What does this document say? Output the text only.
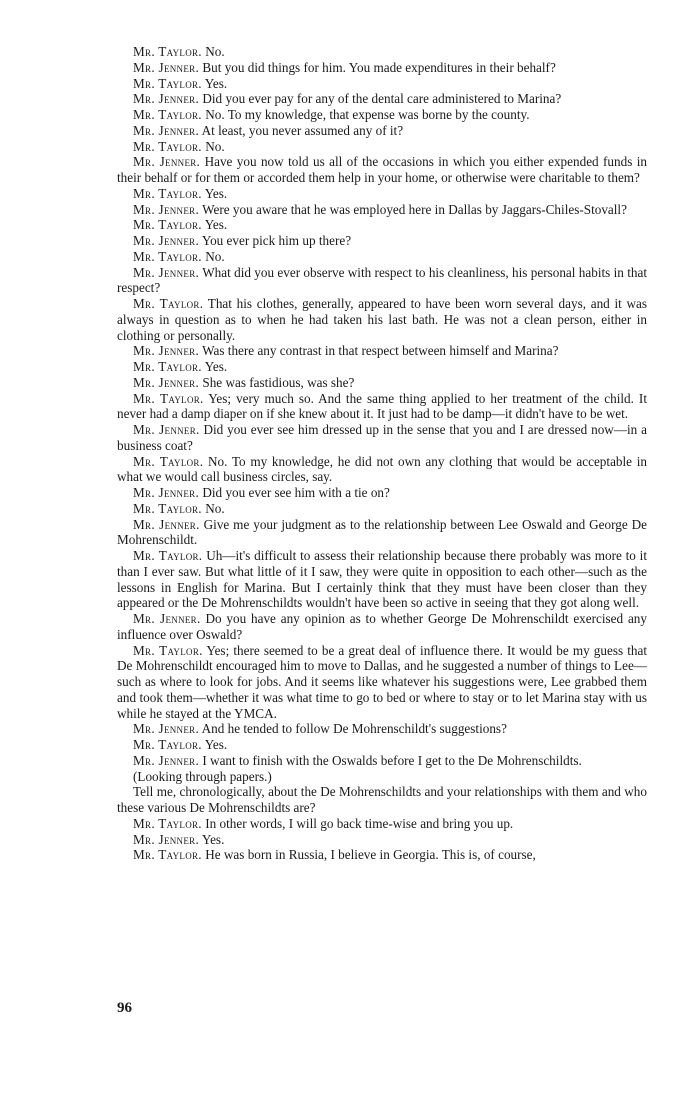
Mr. Taylor. No.

Mr. Jenner. But you did things for him. You made expenditures in their behalf?

Mr. Taylor. Yes.

Mr. Jenner. Did you ever pay for any of the dental care administered to Marina?

Mr. Taylor. No. To my knowledge, that expense was borne by the county.

Mr. Jenner. At least, you never assumed any of it?

Mr. Taylor. No.

Mr. Jenner. Have you now told us all of the occasions in which you either expended funds in their behalf or for them or accorded them help in your home, or otherwise were charitable to them?

Mr. Taylor. Yes.

Mr. Jenner. Were you aware that he was employed here in Dallas by Jaggars-Chiles-Stovall?

Mr. Taylor. Yes.

Mr. Jenner. You ever pick him up there?

Mr. Taylor. No.

Mr. Jenner. What did you ever observe with respect to his cleanliness, his personal habits in that respect?

Mr. Taylor. That his clothes, generally, appeared to have been worn several days, and it was always in question as to when he had taken his last bath. He was not a clean person, either in clothing or personally.

Mr. Jenner. Was there any contrast in that respect between himself and Marina?

Mr. Taylor. Yes.

Mr. Jenner. She was fastidious, was she?

Mr. Taylor. Yes; very much so. And the same thing applied to her treatment of the child. It never had a damp diaper on if she knew about it. It just had to be damp—it didn't have to be wet.

Mr. Jenner. Did you ever see him dressed up in the sense that you and I are dressed now—in a business coat?

Mr. Taylor. No. To my knowledge, he did not own any clothing that would be acceptable in what we would call business circles, say.

Mr. Jenner. Did you ever see him with a tie on?

Mr. Taylor. No.

Mr. Jenner. Give me your judgment as to the relationship between Lee Oswald and George De Mohrenschildt.

Mr. Taylor. Uh—it's difficult to assess their relationship because there probably was more to it than I ever saw. But what little of it I saw, they were quite in opposition to each other—such as the lessons in English for Marina. But I certainly think that they must have been closer than they appeared or the De Mohrenschildts wouldn't have been so active in seeing that they got along well.

Mr. Jenner. Do you have any opinion as to whether George De Mohrenschildt exercised any influence over Oswald?

Mr. Taylor. Yes; there seemed to be a great deal of influence there. It would be my guess that De Mohrenschildt encouraged him to move to Dallas, and he suggested a number of things to Lee—such as where to look for jobs. And it seems like whatever his suggestions were, Lee grabbed them and took them—whether it was what time to go to bed or where to stay or to let Marina stay with us while he stayed at the YMCA.

Mr. Jenner. And he tended to follow De Mohrenschildt's suggestions?

Mr. Taylor. Yes.

Mr. Jenner. I want to finish with the Oswalds before I get to the De Mohrenschildts.

(Looking through papers.)

Tell me, chronologically, about the De Mohrenschildts and your relationships with them and who these various De Mohrenschildts are?

Mr. Taylor. In other words, I will go back time-wise and bring you up.

Mr. Jenner. Yes.

Mr. Taylor. He was born in Russia, I believe in Georgia. This is, of course,

96
